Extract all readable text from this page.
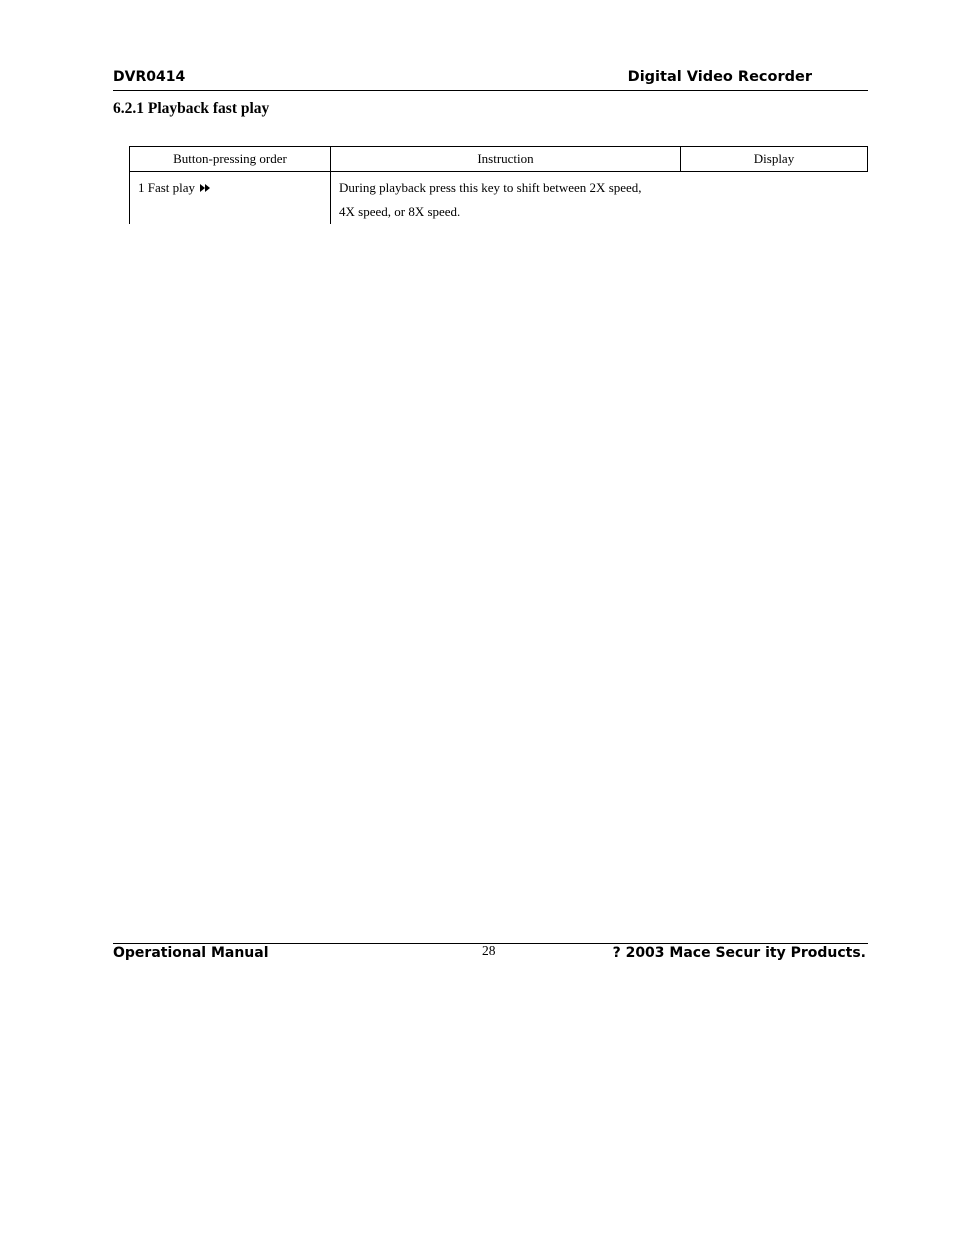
DVR0414	Digital Video Recorder
6.2.1 Playback fast play
Button-pressing order	Instruction	Display
1 Fast play	During playback press this key to shift between 2X speed,
4X speed, or 8X speed.	

Operational Manual	28	? 2003 Mace Secur ity Products.
